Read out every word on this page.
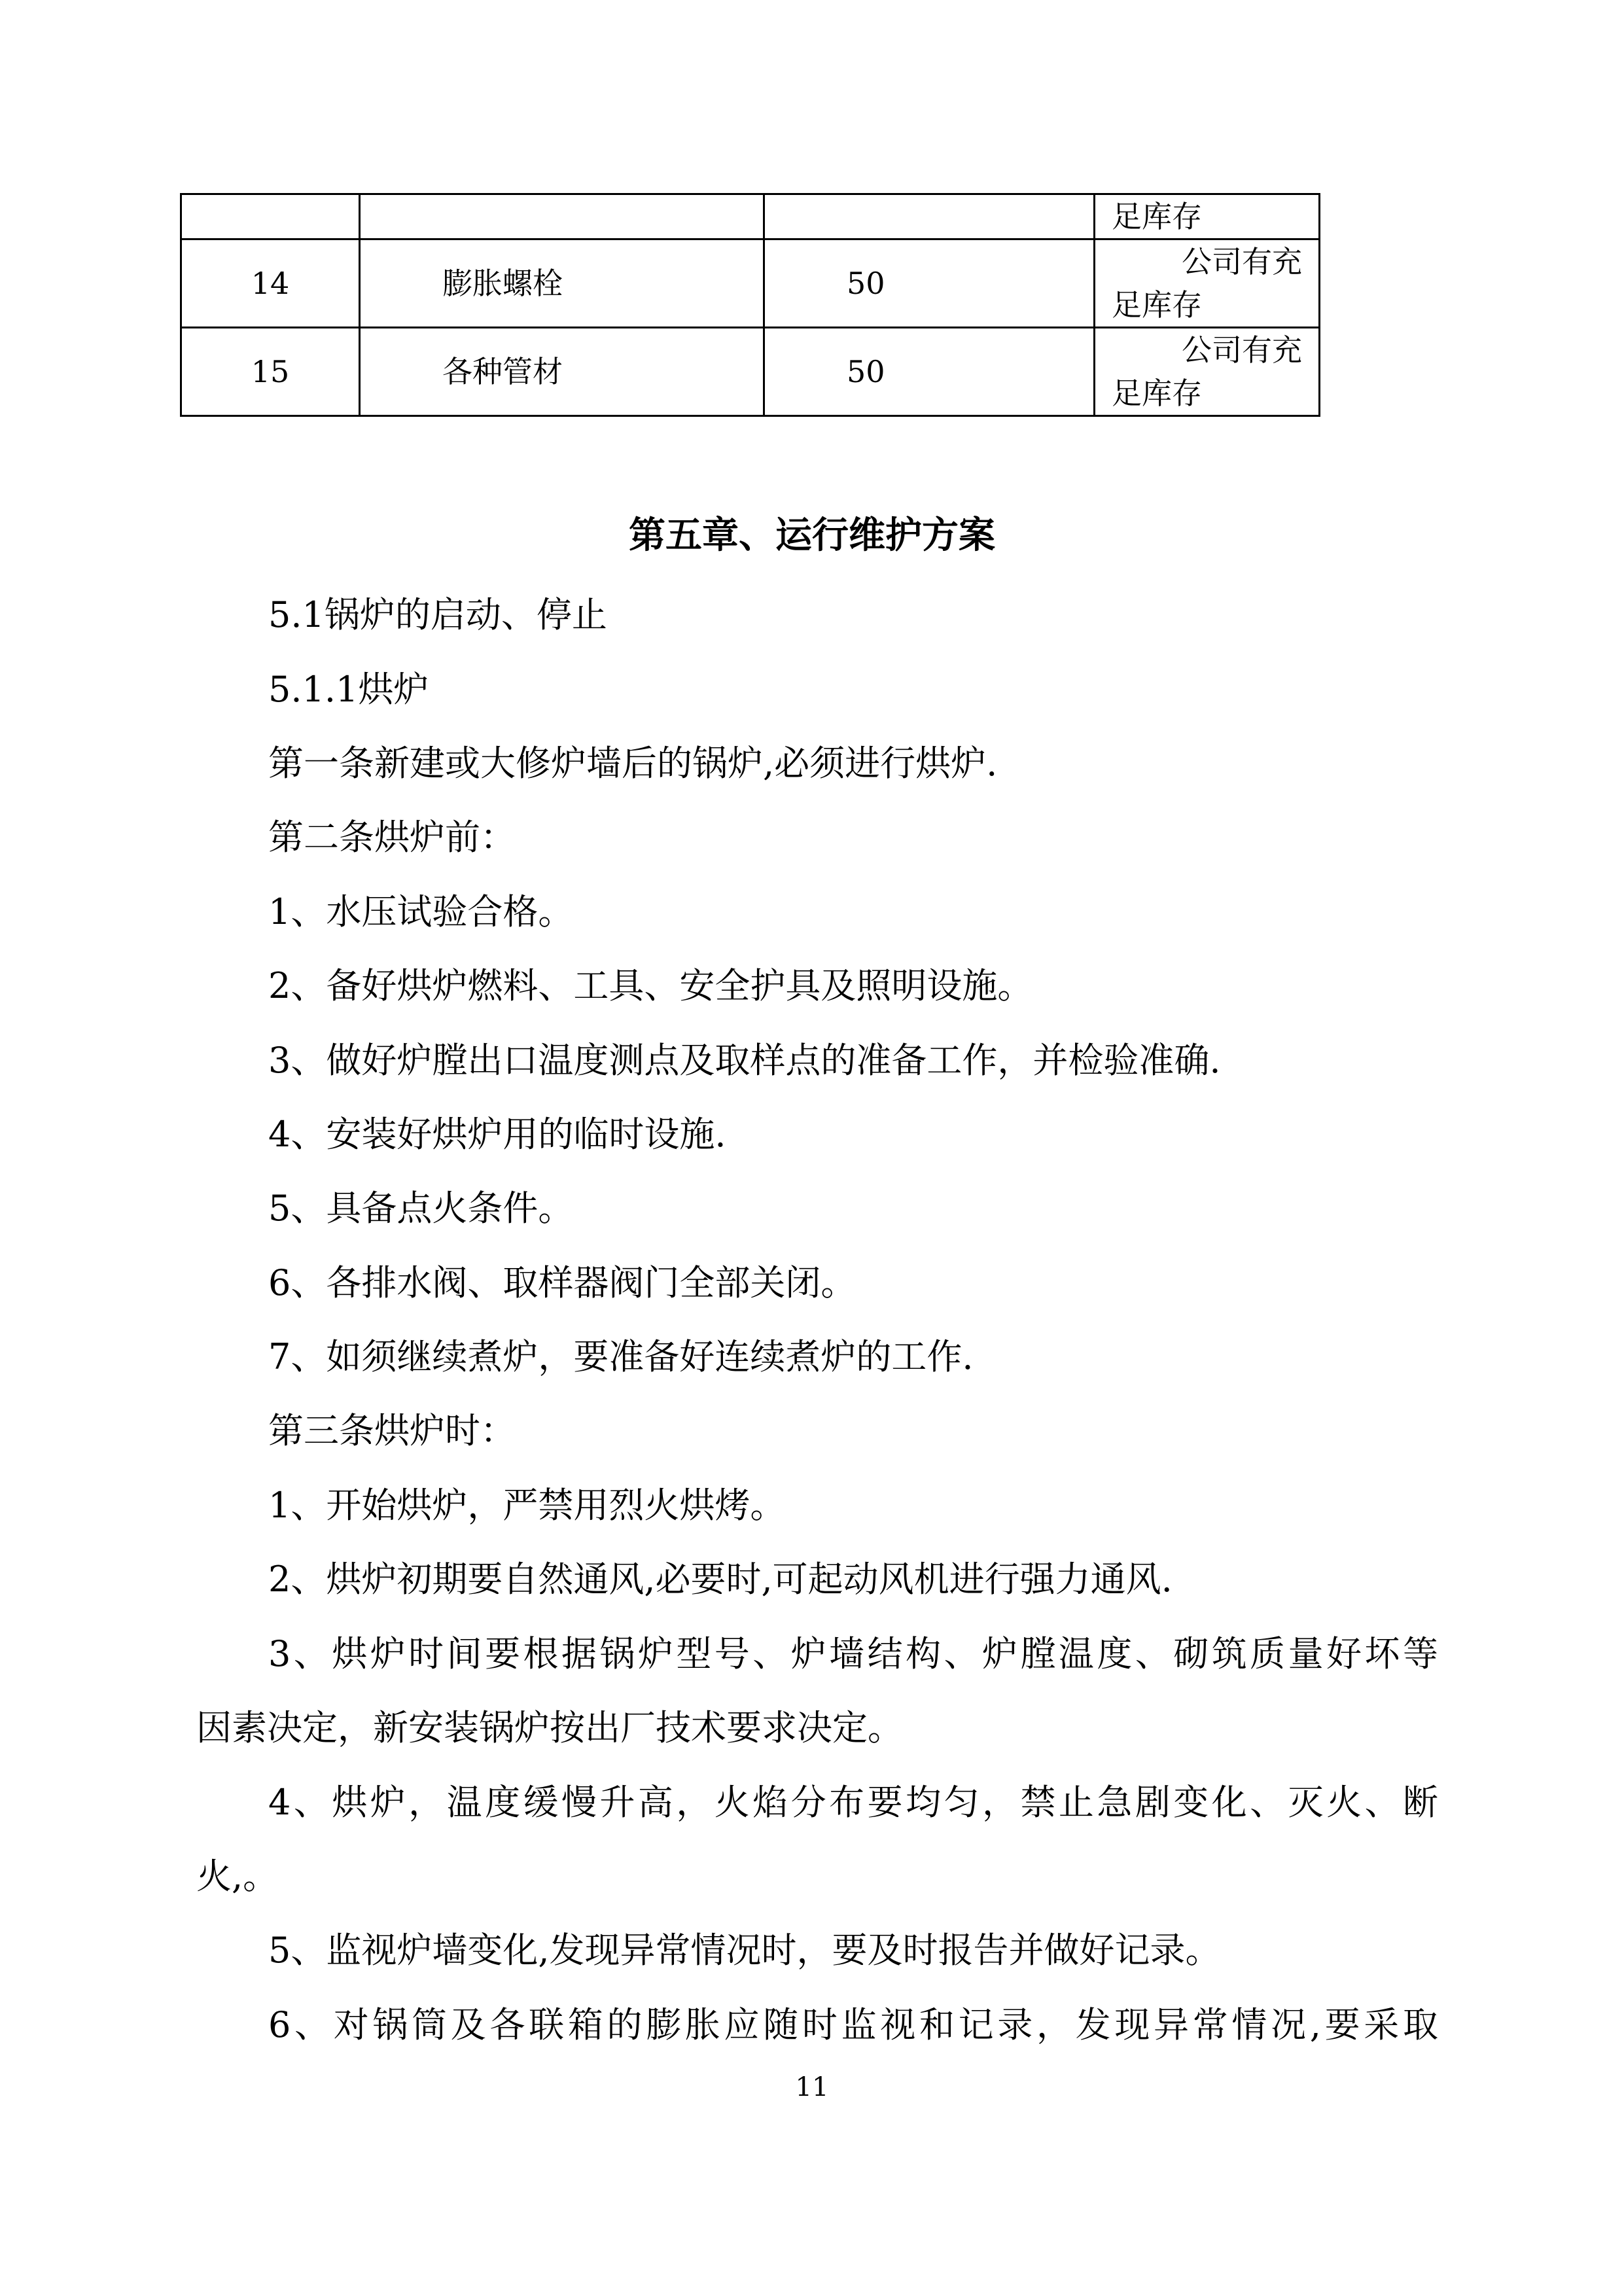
			足库存

14	膨胀螺栓	50	公司有充
足库存

15	各种管材	50	公司有充
足库存
第五章、运行维护方案
5.1锅炉的启动、停止
5.1.1烘炉
第一条新建或大修炉墙后的锅炉,必须进行烘炉.
第二条烘炉前：
1、水压试验合格。
2、备好烘炉燃料、工具、安全护具及照明设施。
3、做好炉膛出口温度测点及取样点的准备工作，并检验准确.
4、安装好烘炉用的临时设施.
5、具备点火条件。
6、各排水阀、取样器阀门全部关闭。
7、如须继续煮炉，要准备好连续煮炉的工作.
第三条烘炉时：
1、开始烘炉，严禁用烈火烘烤。
2、烘炉初期要自然通风,必要时,可起动风机进行强力通风.
3、烘炉时间要根据锅炉型号、炉墙结构、炉膛温度、砌筑质量好坏等
因素决定，新安装锅炉按出厂技术要求决定。
4、烘炉，温度缓慢升高，火焰分布要均匀，禁止急剧变化、灭火、断
火,。
5、监视炉墙变化,发现异常情况时，要及时报告并做好记录。
6、对锅筒及各联箱的膨胀应随时监视和记录，发现异常情况,要采取
11
